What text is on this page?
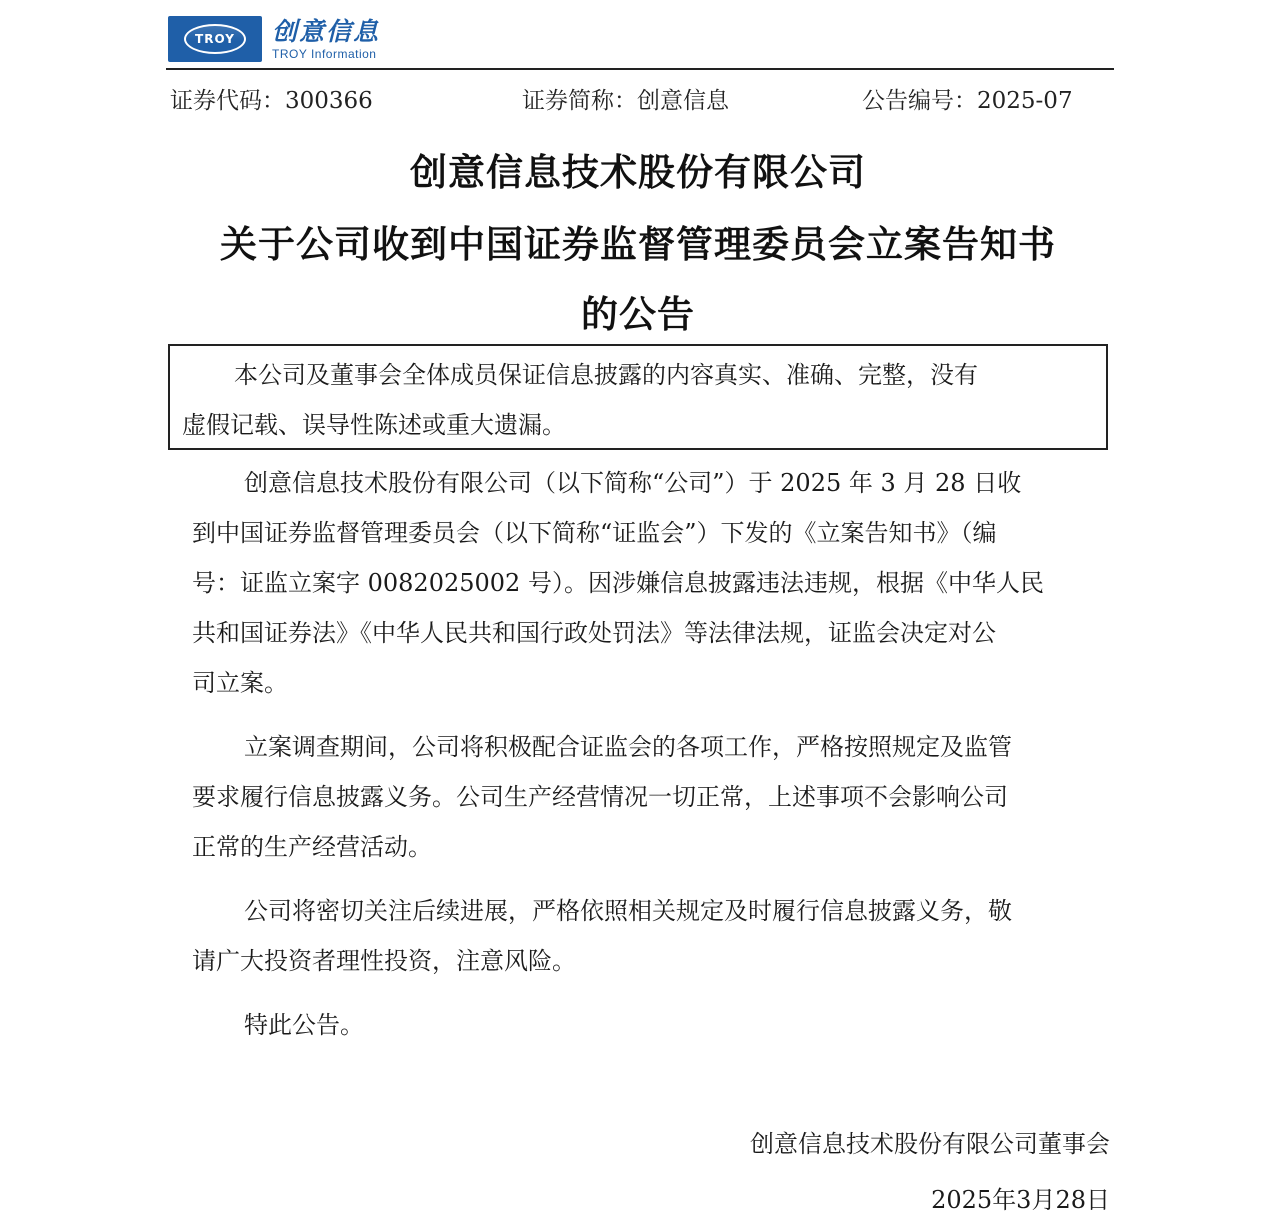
TROY 创意信息
TROY Information
证券代码：300366	证券简称：创意信息	公告编号：2025-07
创意信息技术股份有限公司
关于公司收到中国证券监督管理委员会立案告知书
的公告
本公司及董事会全体成员保证信息披露的内容真实、准确、完整，没有
虚假记载、误导性陈述或重大遗漏。
创意信息技术股份有限公司（以下简称“公司”）于 2025 年 3 月 28 日收
到中国证券监督管理委员会（以下简称“证监会”）下发的《立案告知书》（编
号：证监立案字 0082025002 号）。因涉嫌信息披露违法违规，根据《中华人民
共和国证券法》《中华人民共和国行政处罚法》等法律法规，证监会决定对公
司立案。
立案调查期间，公司将积极配合证监会的各项工作，严格按照规定及监管
要求履行信息披露义务。公司生产经营情况一切正常，上述事项不会影响公司
正常的生产经营活动。
公司将密切关注后续进展，严格依照相关规定及时履行信息披露义务，敬
请广大投资者理性投资，注意风险。
特此公告。
创意信息技术股份有限公司董事会
2025年3月28日
